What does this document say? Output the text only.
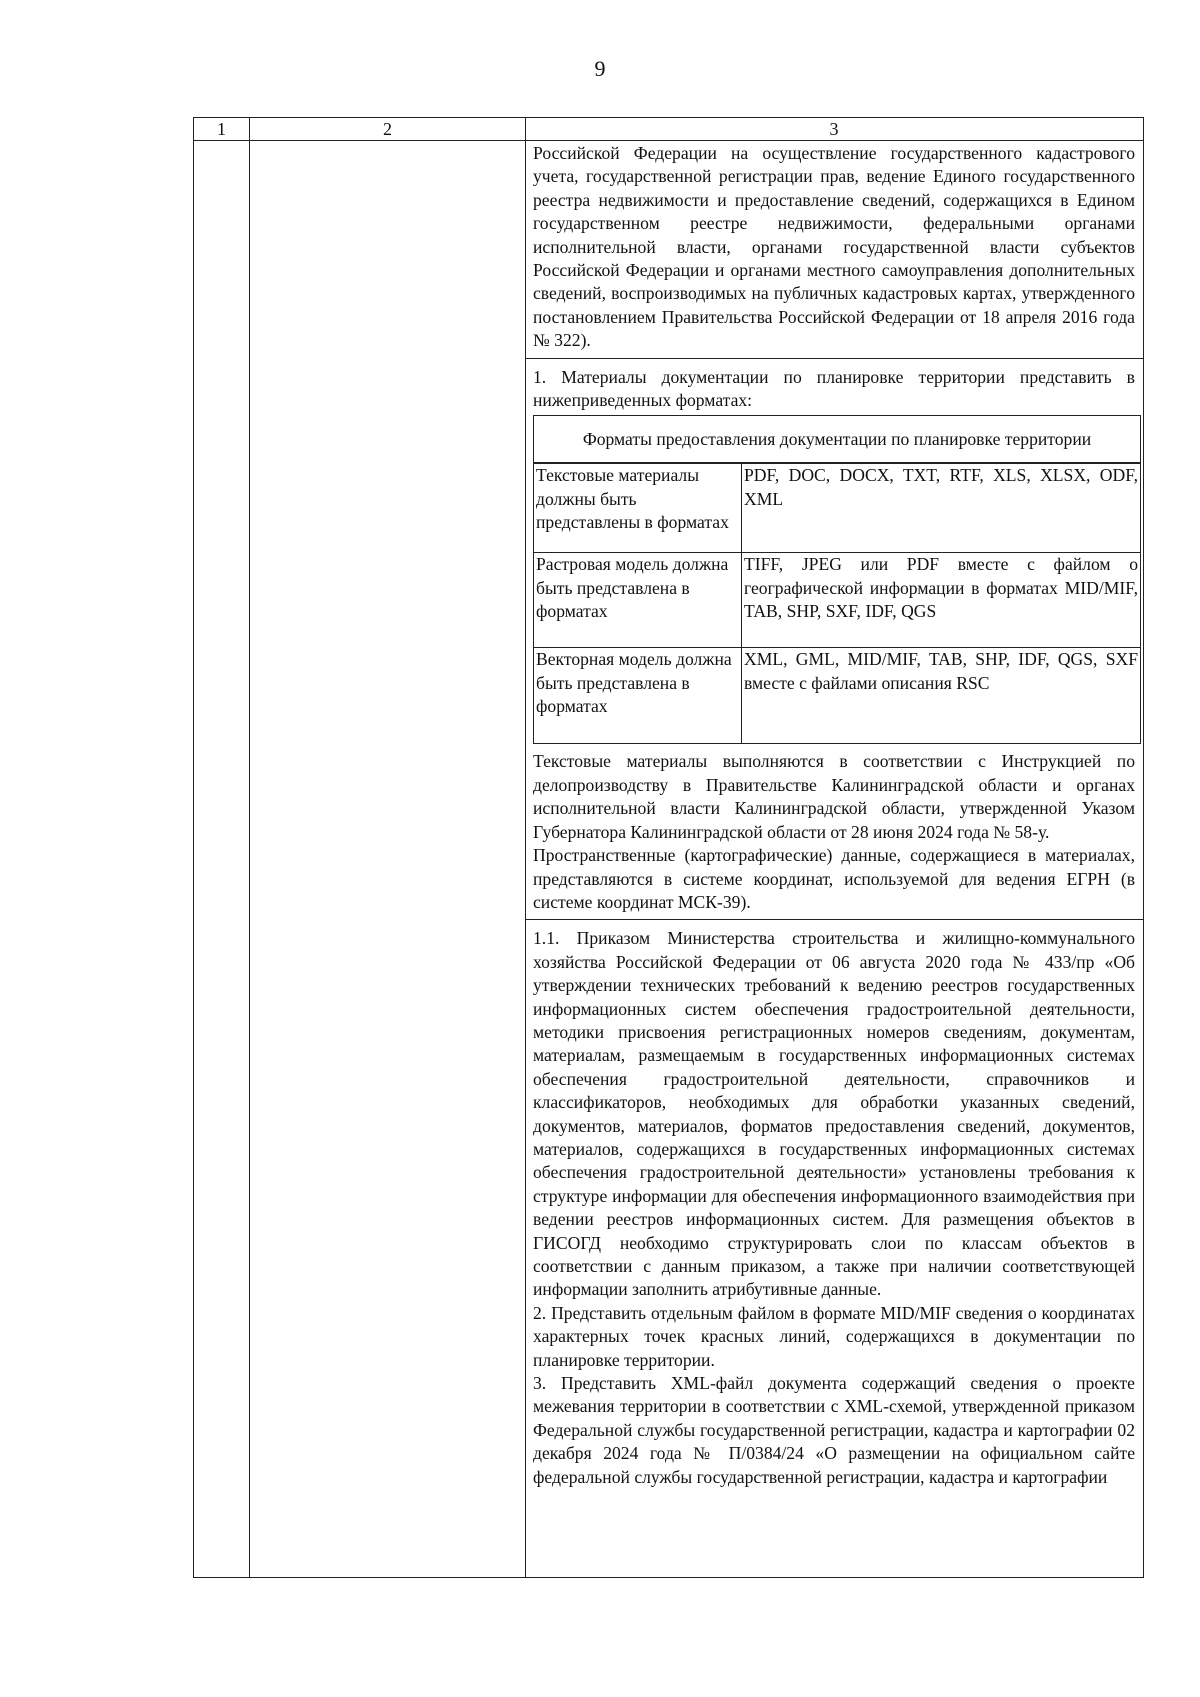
9
1	2	3

Российской Федерации на осуществление государственного кадастрового учета, государственной регистрации прав, ведение Единого государственного реестра недвижимости и предоставление сведений, содержащихся в Едином государственном реестре недвижимости, федеральными органами исполнительной власти, органами государственной власти субъектов Российской Федерации и органами местного самоуправления дополнительных сведений, воспроизводимых на публичных кадастровых картах, утвержденного постановлением Правительства Российской Федерации от 18 апреля 2016 года № 322).

1. Материалы документации по планировке территории представить в нижеприведенных форматах:

Форматы предоставления документации по планировке территории
Текстовые материалы должны быть представлены в форматах
PDF, DOC, DOCX, TXT, RTF, XLS, XLSX, ODF, XML
Растровая модель должна быть представлена в форматах
TIFF, JPEG или PDF вместе с файлом о географической информации в форматах MID/MIF, TAB, SHP, SXF, IDF, QGS
Векторная модель должна быть представлена в форматах
XML, GML, MID/MIF, TAB, SHP, IDF, QGS, SXF вместе с файлами описания RSC

Текстовые материалы выполняются в соответствии с Инструкцией по делопроизводству в Правительстве Калининградской области и органах исполнительной власти Калининградской области, утвержденной Указом Губернатора Калининградской области от 28 июня 2024 года № 58-у.

Пространственные (картографические) данные, содержащиеся в материалах, представляются в системе координат, используемой для ведения ЕГРН (в системе координат МСК-39).

1.1. Приказом Министерства строительства и жилищно-коммунального хозяйства Российской Федерации от 06 августа 2020 года № 433/пр «Об утверждении технических требований к ведению реестров государственных информационных систем обеспечения градостроительной деятельности, методики присвоения регистрационных номеров сведениям, документам, материалам, размещаемым в государственных информационных системах обеспечения градостроительной деятельности, справочников и классификаторов, необходимых для обработки указанных сведений, документов, материалов, форматов предоставления сведений, документов, материалов, содержащихся в государственных информационных системах обеспечения градостроительной деятельности» установлены требования к структуре информации для обеспечения информационного взаимодействия при ведении реестров информационных систем. Для размещения объектов в ГИСОГД необходимо структурировать слои по классам объектов в соответствии с данным приказом, а также при наличии соответствующей информации заполнить атрибутивные данные.

2. Представить отдельным файлом в формате MID/MIF сведения о координатах характерных точек красных линий, содержащихся в документации по планировке территории.

3. Представить XML-файл документа содержащий сведения о проекте межевания территории в соответствии с XML-схемой, утвержденной приказом Федеральной службы государственной регистрации, кадастра и картографии 02 декабря 2024 года № П/0384/24 «О размещении на официальном сайте федеральной службы государственной регистрации, кадастра и картографии
